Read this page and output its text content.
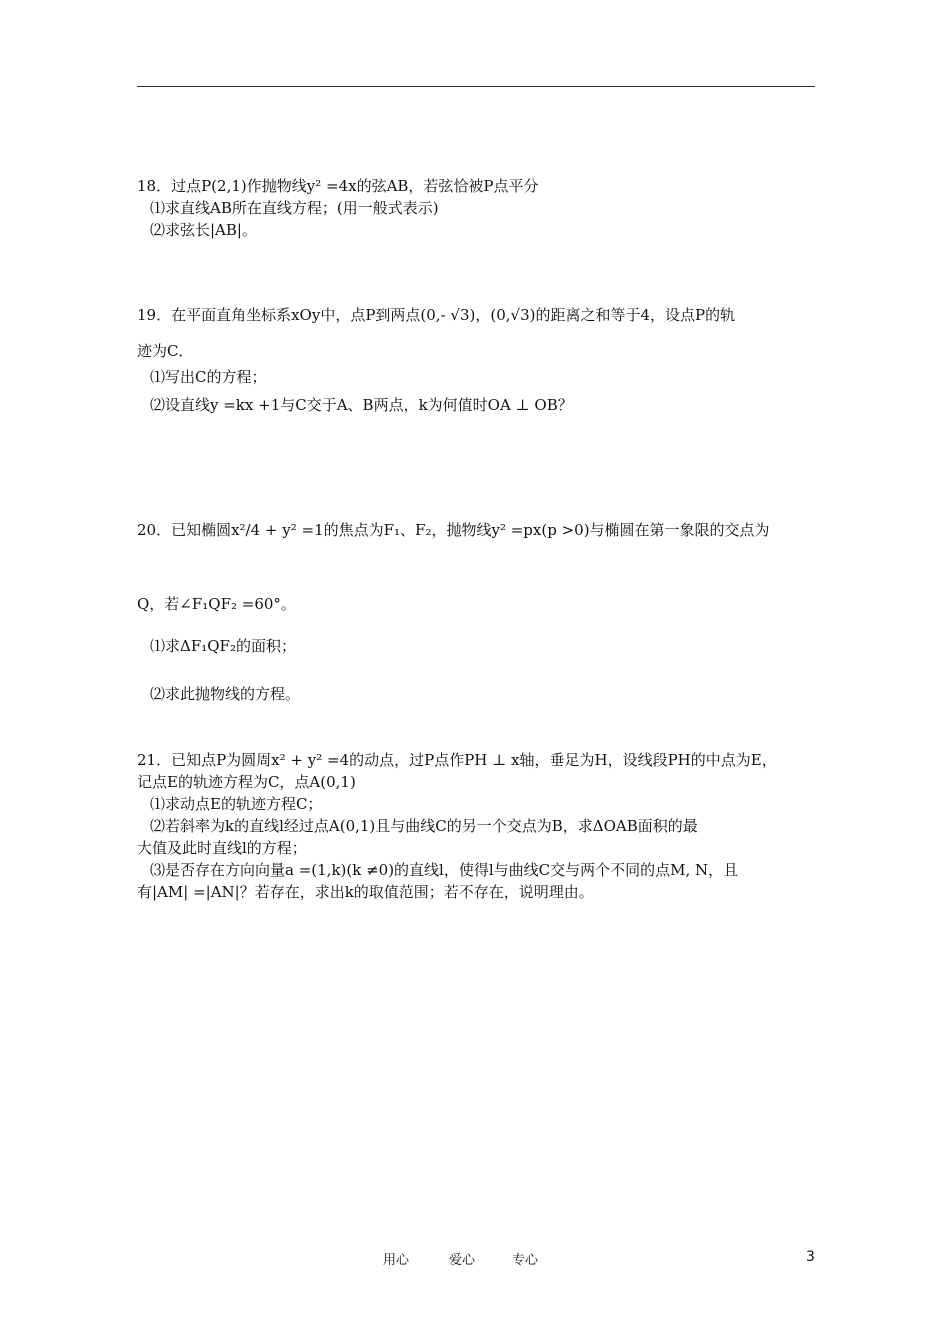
18．过点P(2,1)作抛物线y² =4x的弦AB，若弦恰被P点平分
⑴求直线AB所在直线方程；(用一般式表示)
⑵求弦长|AB|。
19．在平面直角坐标系xOy中，点P到两点(0,- √3)，(0,√3)的距离之和等于4，设点P的轨
迹为C．
⑴写出C的方程；
⑵设直线y =kx +1与C交于A、B两点，k为何值时OA ⊥ OB？
20．已知椭圆x²/4 + y² =1的焦点为F₁、F₂，抛物线y² =px(p >0)与椭圆在第一象限的交点为
Q，若∠F₁QF₂ =60°。
⑴求ΔF₁QF₂的面积；
⑵求此抛物线的方程。
21．已知点P为圆周x² + y² =4的动点，过P点作PH ⊥ x轴，垂足为H，设线段PH的中点为E，
记点E的轨迹方程为C，点A(0,1)
⑴求动点E的轨迹方程C；
⑵若斜率为k的直线l经过点A(0,1)且与曲线C的另一个交点为B，求ΔOAB面积的最
大值及此时直线l的方程；
⑶是否存在方向向量a =(1,k)(k ≠0)的直线l，使得l与曲线C交与两个不同的点M, N，且
有|AM| =|AN|？若存在，求出k的取值范围；若不存在，说明理由。
用心	爱心	专心	3
